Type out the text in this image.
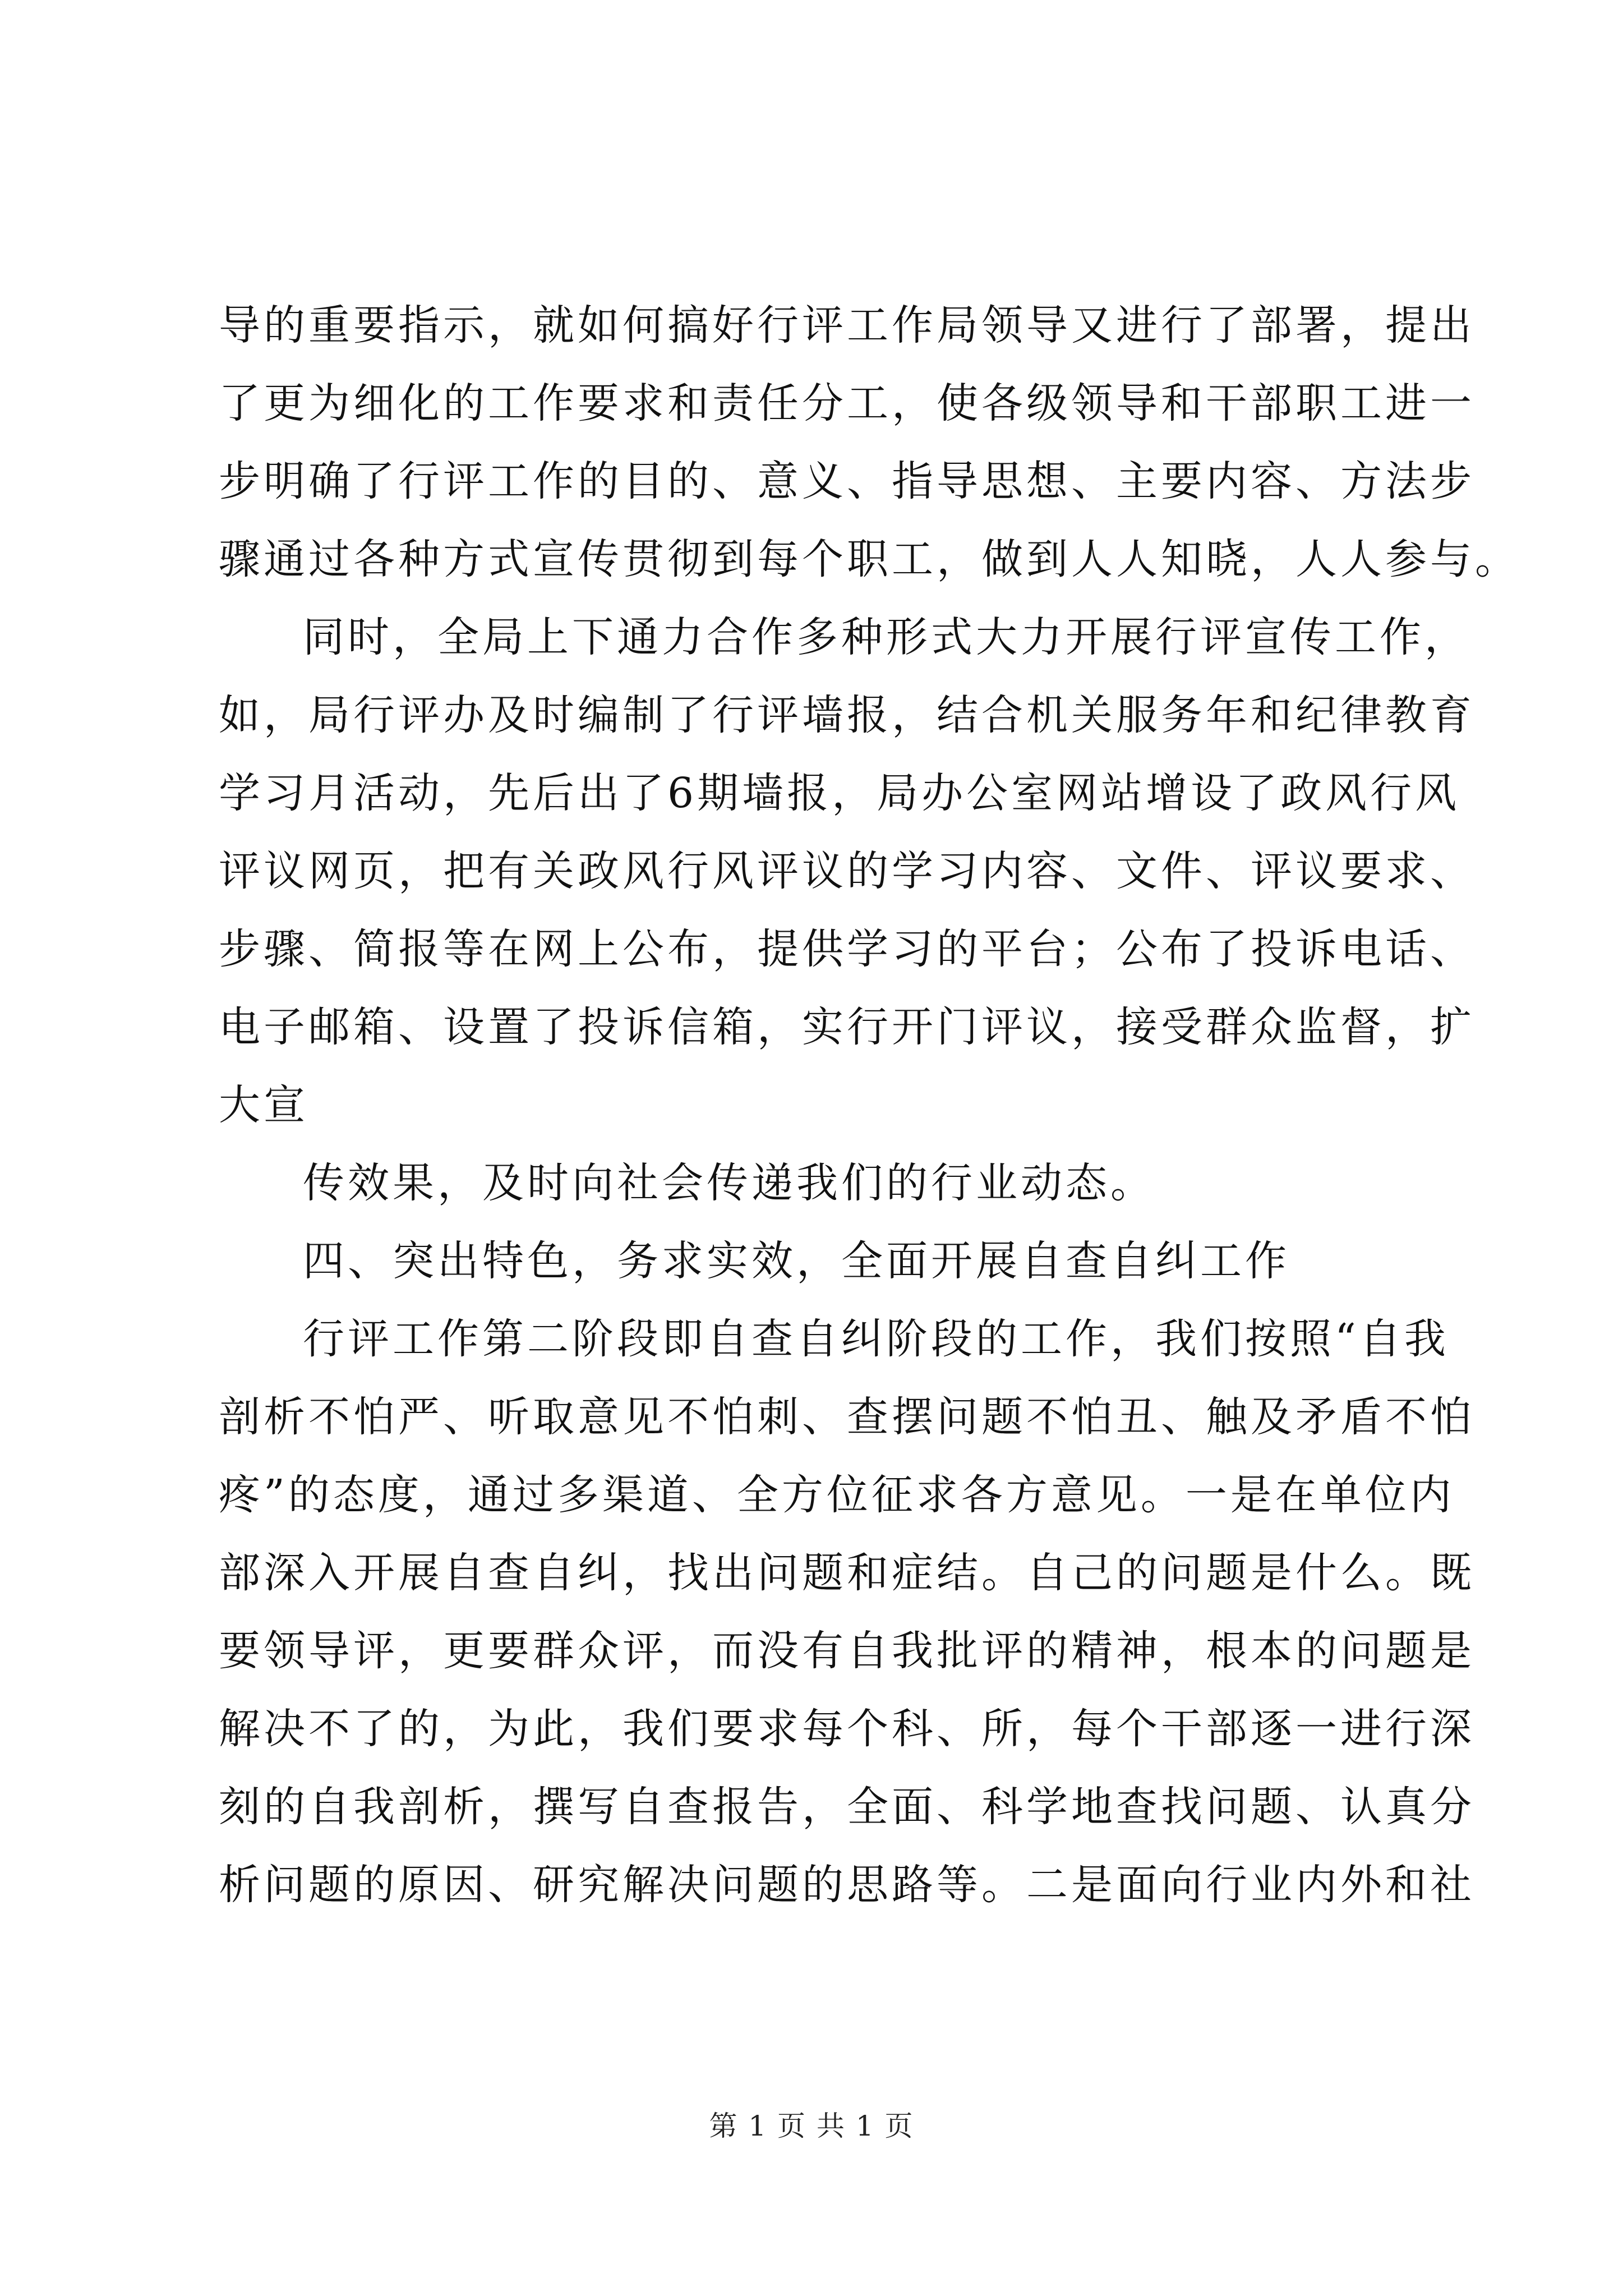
导的重要指示，就如何搞好行评工作局领导又进行了部署，提出
了更为细化的工作要求和责任分工，使各级领导和干部职工进一
步明确了行评工作的目的、意义、指导思想、主要内容、方法步
骤通过各种方式宣传贯彻到每个职工，做到人人知晓，人人参与。
同时，全局上下通力合作多种形式大力开展行评宣传工作，
如，局行评办及时编制了行评墙报，结合机关服务年和纪律教育
学习月活动，先后出了6期墙报，局办公室网站增设了政风行风
评议网页，把有关政风行风评议的学习内容、文件、评议要求、
步骤、简报等在网上公布，提供学习的平台；公布了投诉电话、
电子邮箱、设置了投诉信箱，实行开门评议，接受群众监督，扩
大宣
传效果，及时向社会传递我们的行业动态。
四、突出特色，务求实效，全面开展自查自纠工作
行评工作第二阶段即自查自纠阶段的工作，我们按照“自我
剖析不怕严、听取意见不怕刺、查摆问题不怕丑、触及矛盾不怕
疼”的态度，通过多渠道、全方位征求各方意见。一是在单位内
部深入开展自查自纠，找出问题和症结。自己的问题是什么。既
要领导评，更要群众评，而没有自我批评的精神，根本的问题是
解决不了的，为此，我们要求每个科、所，每个干部逐一进行深
刻的自我剖析，撰写自查报告，全面、科学地查找问题、认真分
析问题的原因、研究解决问题的思路等。二是面向行业内外和社
第 1 页 共 1 页
